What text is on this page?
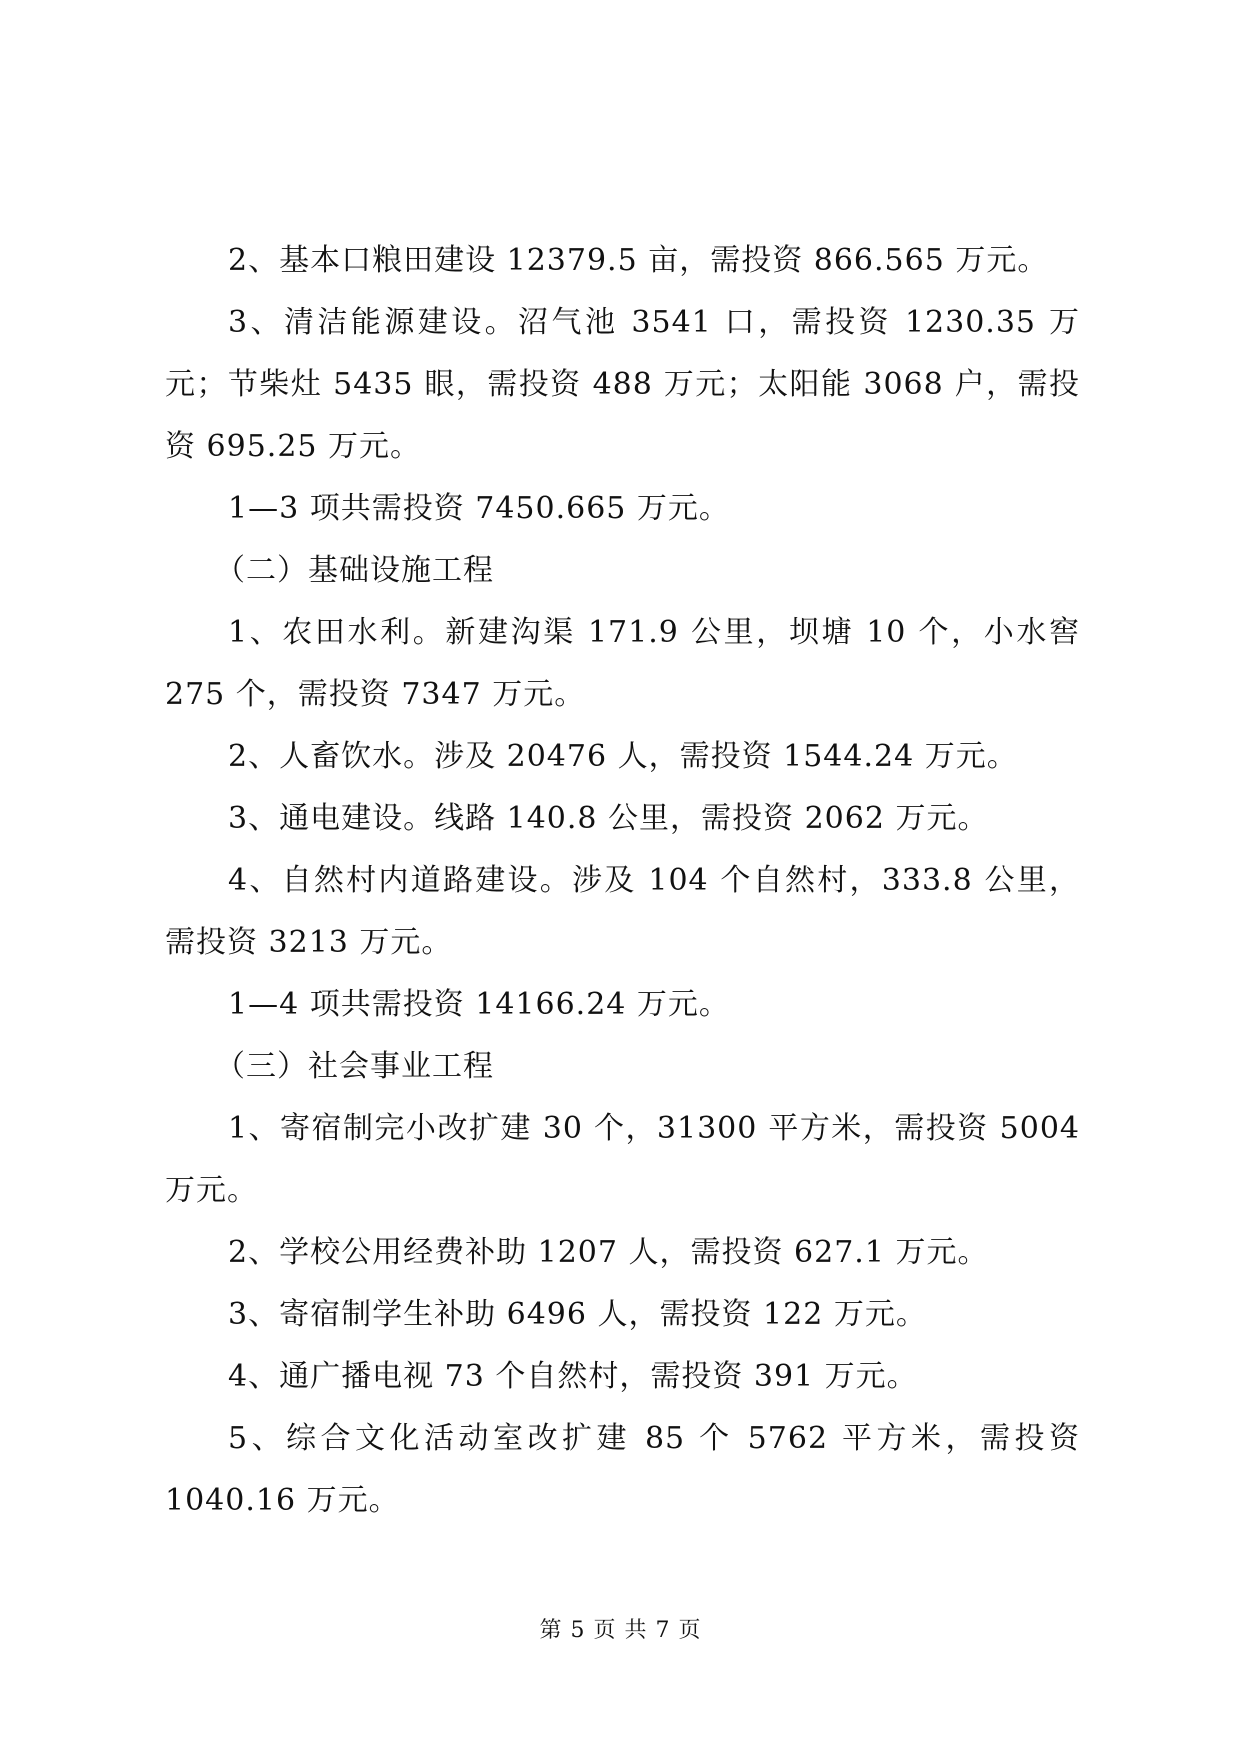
2、基本口粮田建设 12379.5 亩，需投资 866.565 万元。

3、清洁能源建设。沼气池 3541 口，需投资 1230.35 万元；节柴灶 5435 眼，需投资 488 万元；太阳能 3068 户，需投资 695.25 万元。

1—3 项共需投资 7450.665 万元。

（二）基础设施工程

1、农田水利。新建沟渠 171.9 公里，坝塘 10 个，小水窖 275 个，需投资 7347 万元。

2、人畜饮水。涉及 20476 人，需投资 1544.24 万元。

3、通电建设。线路 140.8 公里，需投资 2062 万元。

4、自然村内道路建设。涉及 104 个自然村，333.8 公里，需投资 3213 万元。

1—4 项共需投资 14166.24 万元。

（三）社会事业工程

1、寄宿制完小改扩建 30 个，31300 平方米，需投资 5004 万元。

2、学校公用经费补助 1207 人，需投资 627.1 万元。

3、寄宿制学生补助 6496 人，需投资 122 万元。

4、通广播电视 73 个自然村，需投资 391 万元。

5、综合文化活动室改扩建 85 个 5762 平方米，需投资 1040.16 万元。

第 5 页 共 7 页
